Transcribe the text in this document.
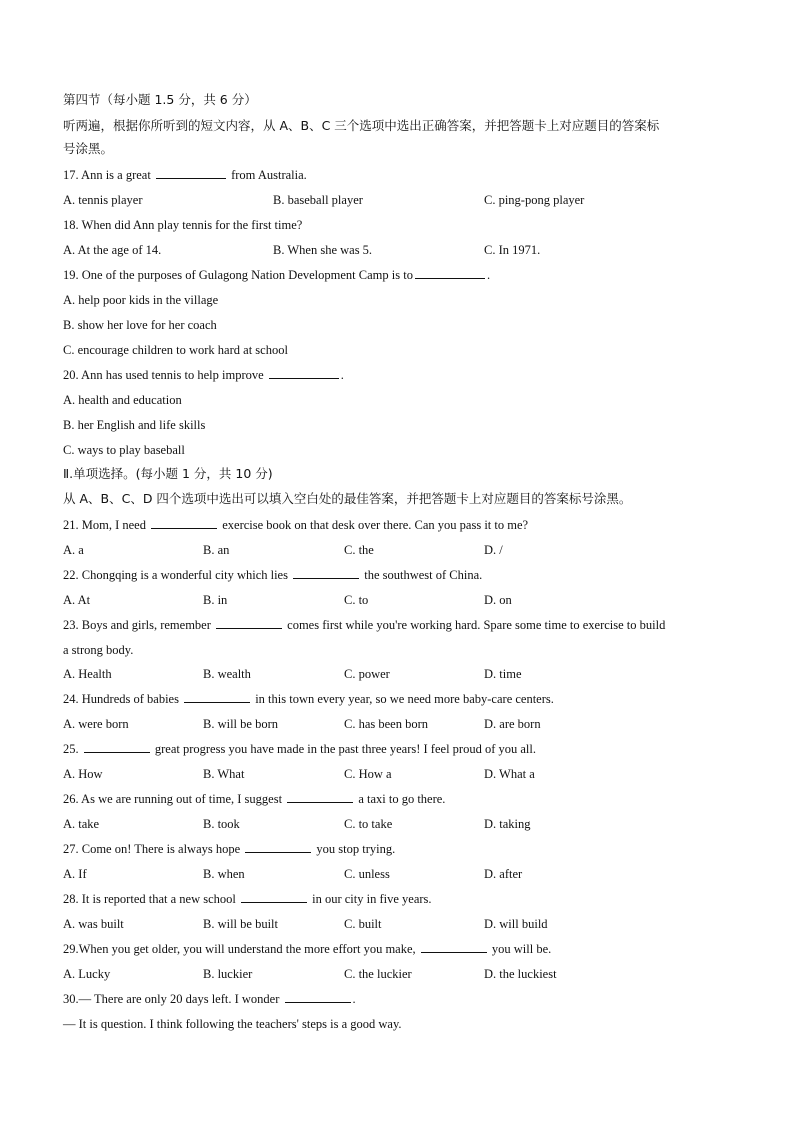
第四节（每小题 1.5 分，共 6 分）
听两遍，根据你所听到的短文内容，从 A、B、C 三个选项中选出正确答案，并把答题卡上对应题目的答案标
号涂黑。
17. Ann is a great	from Australia.
A. tennis player	B. baseball player	C. ping-pong player
18. When did Ann play tennis for the first time?
A. At the age of 14.	B. When she was 5.	C. In 1971.
19. One of the purposes of Gulagong Nation Development Camp is to	.
A. help poor kids in the village
B. show her love for her coach
C. encourage children to work hard at school
20. Ann has used tennis to help improve	.
A. health and education
B. her English and life skills
C. ways to play baseball
Ⅱ.单项选择。(每小题 1 分，共 10 分)
从 A、B、C、D 四个选项中选出可以填入空白处的最佳答案，并把答题卡上对应题目的答案标号涂黑。
21. Mom, I need	exercise book on that desk over there. Can you pass it to me?
A. a	B. an	C. the	D. /
22. Chongqing is a wonderful city which lies	the southwest of China.
A. At	B. in	C. to	D. on
23. Boys and girls, remember	comes first while you're working hard. Spare some time to exercise to build
a strong body.
A. Health	B. wealth	C. power	D. time
24. Hundreds of babies	in this town every year, so we need more baby-care centers.
A. were born	B. will be born	C. has been born	D. are born
25.	great progress you have made in the past three years! I feel proud of you all.
A. How	B. What	C. How a	D. What a
26. As we are running out of time, I suggest	a taxi to go there.
A. take	B. took	C. to take	D. taking
27. Come on! There is always hope	you stop trying.
A. If	B. when	C. unless	D. after
28. It is reported that a new school	in our city in five years.
A. was built	B. will be built	C. built	D. will build
29.When you get older, you will understand the more effort you make,	you will be.
A. Lucky	B. luckier	C. the luckier	D. the luckiest
30.— There are only 20 days left. I wonder	.
— It is question. I think following the teachers' steps is a good way.
